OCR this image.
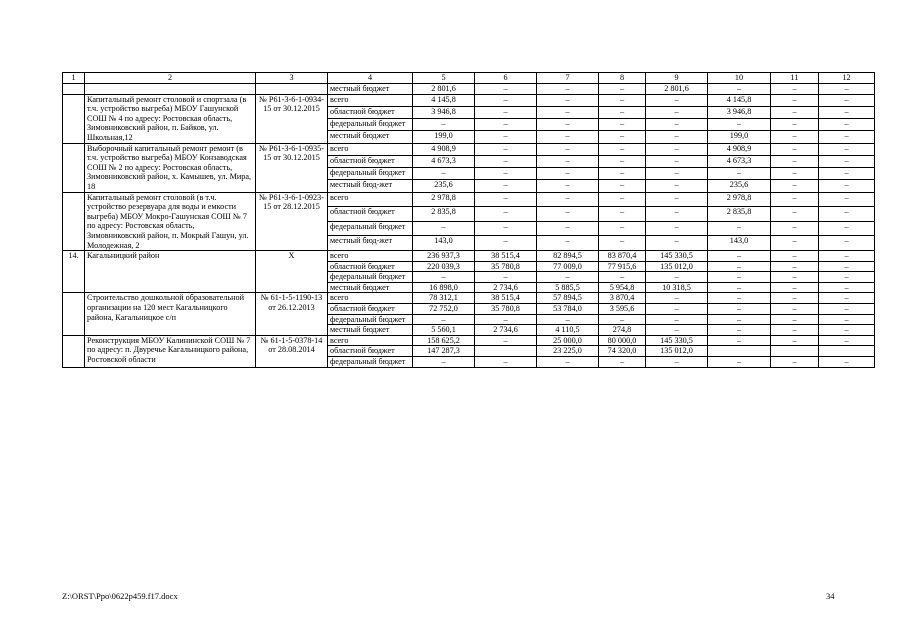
1	2	3	4	5	6	7	8	9	10	11	12
			местный бюджет	2 801,6	–	–	–	2 801,6	–	–	–
	Капитальный ремонт столовой и спортзала (в т.ч. устройство выгреба) МБОУ Гашунской СОШ № 4 по адресу: Ростовская область, Зимовниковский район, п. Байков, ул. Школьная,12	№ Р61-3-6-1-0934-15 от 30.12.2015	всего	4 145,8	–	–	–	–	4 145,8	–	–
			областной бюджет	3 946,8	–	–	–	–	3 946,8	–	–
			федеральный бюджет	–	–	–	–	–	–	–	–
			местный бюджет	199,0	–	–	–	–	199,0	–	–
	Выборочный капитальный ремонт ремонт (в т.ч. устройство выгреба) МБОУ Конзаводская СОШ № 2 по адресу: Ростовская область, Зимовниковский район, х. Камышев, ул. Мира, 18	№ Р61-3-6-1-0935-15 от 30.12.2015	всего	4 908,9	–	–	–	–	4 908,9	–	–
			областной бюджет	4 673,3	–	–	–	–	4 673,3	–	–
			федеральный бюджет	–	–	–	–	–	–	–	–
			местный бюд-жет	235,6	–	–	–	–	235,6	–	–
	Капитальный ремонт столовой (в т.ч. устройство резервуара для воды и емкости выгреба) МБОУ Мокро-Гашунская СОШ № 7 по адресу: Ростовская область, Зимовниковский район, п. Мокрый Гашун, ул. Молодежная, 2	№ Р61-3-6-1-0923-15 от 28.12.2015	всего	2 978,8	–	–	–	–	2 978,8	–	–
			областной бюджет	2 835,8	–	–	–	–	2 835,8	–	–
			федеральный бюджет	–	–	–	–	–	–	–	–
			местный бюд-жет	143,0	–	–	–	–	143,0	–	–
14.	Кагальницкий район	Х	всего	236 937,3	38 515,4	82 894,5	83 870,4	145 330,5	–	–	–
			областной бюджет	220 039,3	35 780,8	77 009,0	77 915,6	135 012,0	–	–	–
			федеральный бюджет	–	–	–	–	–	–	–	–
			местный бюджет	16 898,0	2 734,6	5 885,5	5 954,8	10 318,5	–	–	–
	Строительство дошкольной образовательной организации на 120 мест Кагальницкого района, Кагальницкое с/п	№ 61-1-5-1190-13 от 26.12.2013	всего	78 312,1	38 515,4	57 894,5	3 870,4	–	–	–	–
			областной бюджет	72 752,0	35 780,8	53 784,0	3 595,6	–	–	–	–
			федеральный бюджет	–	–	–	–	–	–	–	–
			местный бюджет	5 560,1	2 734,6	4 110,5	274,8	–	–	–	–
	Реконструкция МБОУ Калининской СОШ № 7 по адресу: п. Двуречье Кагальницкого района, Ростовской области	№ 61-1-5-0378-14 от 28.08.2014	всего	158 625,2	–	25 000,0	80 000,0	145 330,5	–	–	–
			областной бюджет	147 287,3		23 225,0	74 320,0	135 012,0			
			федеральный бюджет	–	–	–	–	–	–	–	–
Z:\ORST\Ppo\0622p459.f17.docx	34
